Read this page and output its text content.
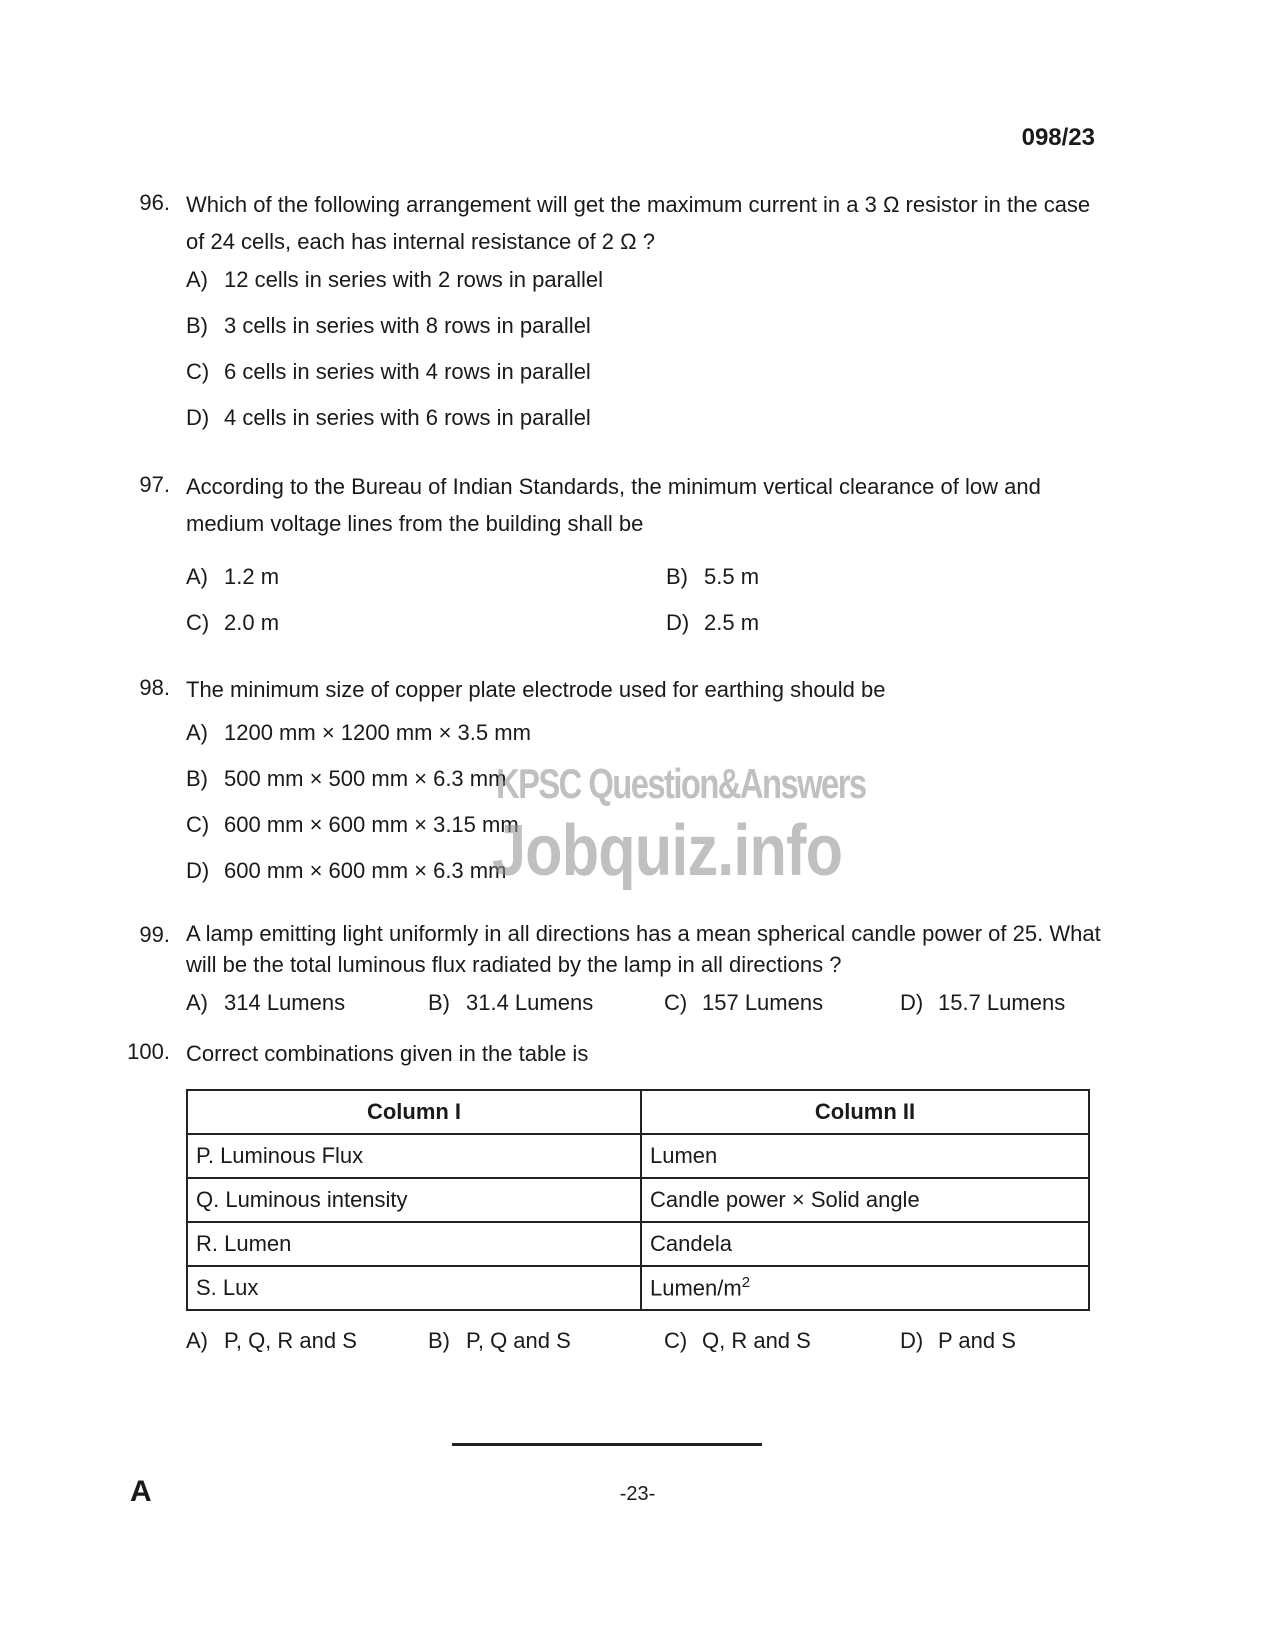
098/23
96. Which of the following arrangement will get the maximum current in a 3 Ω resistor in the case of 24 cells, each has internal resistance of 2 Ω ?
A) 12 cells in series with 2 rows in parallel
B) 3 cells in series with 8 rows in parallel
C) 6 cells in series with 4 rows in parallel
D) 4 cells in series with 6 rows in parallel
97. According to the Bureau of Indian Standards, the minimum vertical clearance of low and medium voltage lines from the building shall be
A) 1.2 m	B) 5.5 m
C) 2.0 m	D) 2.5 m
98. The minimum size of copper plate electrode used for earthing should be
A) 1200 mm × 1200 mm × 3.5 mm
B) 500 mm × 500 mm × 6.3 mm
C) 600 mm × 600 mm × 3.15 mm
D) 600 mm × 600 mm × 6.3 mm
99. A lamp emitting light uniformly in all directions has a mean spherical candle power of 25. What will be the total luminous flux radiated by the lamp in all directions ?
A) 314 Lumens	B) 31.4 Lumens	C) 157 Lumens	D) 15.7 Lumens
100. Correct combinations given in the table is
Column I	Column II
P. Luminous Flux	Lumen
Q. Luminous intensity	Candle power × Solid angle
R. Lumen	Candela
S. Lux	Lumen/$m^2$
A) P, Q, R and S	B) P, Q and S	C) Q, R and S	D) P and S
KPSC Question&Answers
Jobquiz.info
A	-23-
